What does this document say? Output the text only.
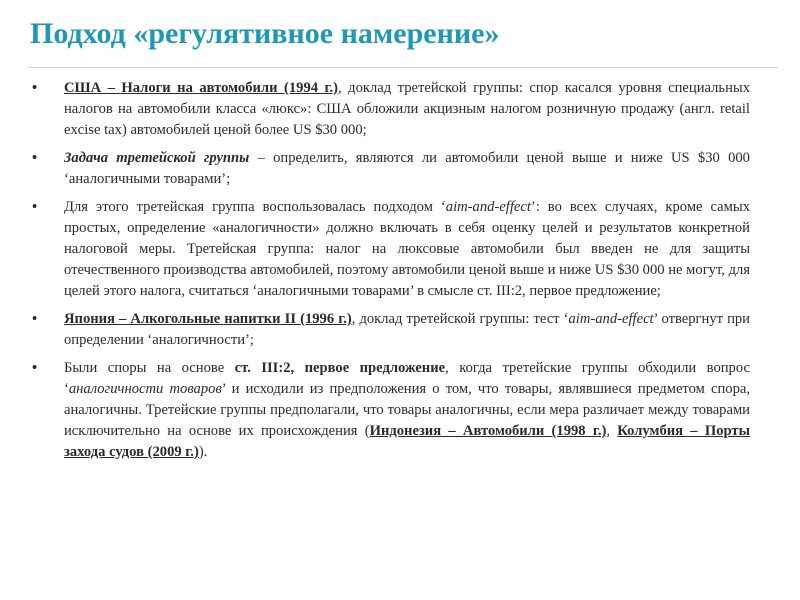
Подход «регулятивное намерение»
•	США – Налоги на автомобили (1994 г.), доклад третейской группы: спор касался уровня специальных налогов на автомобили класса «люкс»: США обложили акцизным налогом розничную продажу (англ. retail excise tax) автомобилей ценой более US $30 000;
•	Задача третейской группы – определить, являются ли автомобили ценой выше и ниже US $30 000 ‘аналогичными товарами’;
•	Для этого третейская группа воспользовалась подходом ‘aim-and-effect’: во всех случаях, кроме самых простых, определение «аналогичности» должно включать в себя оценку целей и результатов конкретной налоговой меры. Третейская группа: налог на люксовые автомобили был введен не для защиты отечественного производства автомобилей, поэтому автомобили ценой выше и ниже US $30 000 не могут, для целей этого налога, считаться ‘аналогичными товарами’ в смысле ст. III:2, первое предложение;
•	Япония – Алкогольные напитки II (1996 г.), доклад третейской группы: тест ‘aim-and-effect’ отвергнут при определении ‘аналогичности’;
•	Были споры на основе ст. III:2, первое предложение, когда третейские группы обходили вопрос ‘аналогичности товаров’ и исходили из предположения о том, что товары, являвшиеся предметом спора, аналогичны. Третейские группы предполагали, что товары аналогичны, если мера различает между товарами исключительно на основе их происхождения (Индонезия – Автомобили (1998 г.), Колумбия – Порты захода судов (2009 г.)).
